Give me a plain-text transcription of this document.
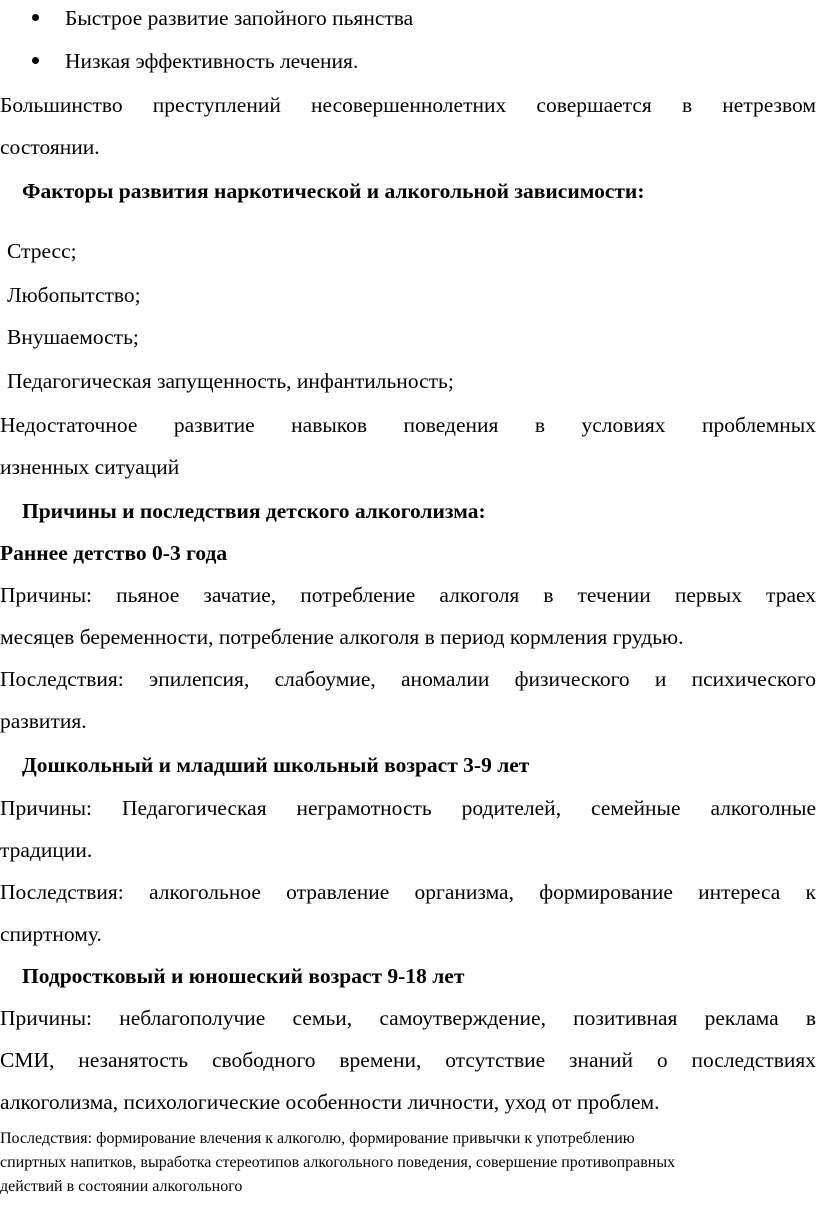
Быстрое развитие запойного пьянства
Низкая эффективность лечения.
Большинство преступлений несовершеннолетних совершается в нетрезвом
состоянии.
Факторы развития наркотической и алкогольной зависимости:
Стресс;
Любопытство;
Внушаемость;
Педагогическая запущенность, инфантильность;
Недостаточное развитие навыков поведения в условиях проблемных
изненных ситуаций
Причины и последствия детского алкоголизма:
Раннее детство 0-3 года
Причины: пьяное зачатие, потребление алкоголя в течении первых траех
месяцев беременности, потребление алкоголя в период кормления грудью.
Последствия: эпилепсия, слабоумие, аномалии физического и психического
развития.
Дошкольный и младший школьный возраст 3-9 лет
Причины: Педагогическая неграмотность родителей, семейные алкоголные
традиции.
Последствия: алкогольное отравление организма, формирование интереса к
спиртному.
Подростковый и юношеский возраст 9-18 лет
Причины: неблагополучие семьи, самоутверждение, позитивная реклама в
СМИ, незанятость свободного времени, отсутствие знаний о последствиях
алкоголизма, психологические особенности личности, уход от проблем.
Последствия: формирование влечения к алкоголю, формирование привычки к употреблению
спиртных напитков, выработка стереотипов алкогольного поведения, совершение противоправных
действий в состоянии алкогольного
